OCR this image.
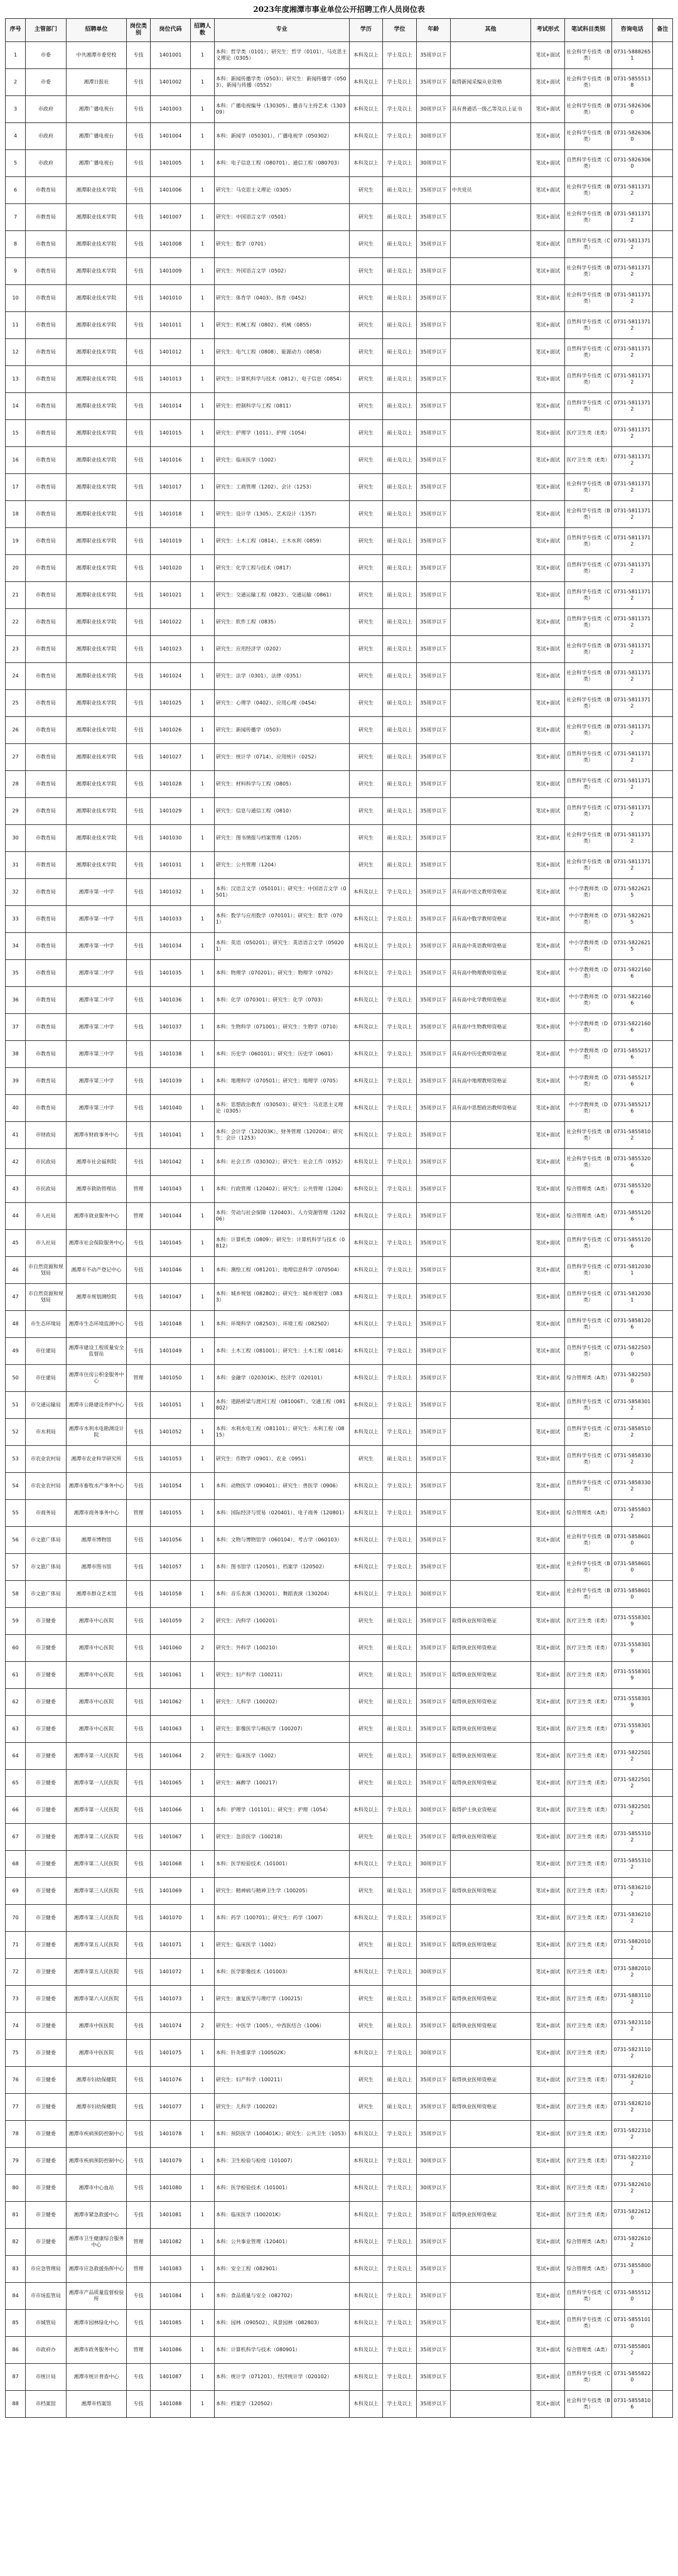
2023年度湘潭市事业单位公开招聘工作人员岗位表
序号	主管部门	招聘单位	岗位类别	岗位代码	招聘人数	专业	学历	学位	年龄	其他	考试形式	笔试科目类别	咨询电话	备注
1	市委	中共湘潭市委党校	专技	1401001	1	本科：哲学类（0101）；研究生：哲学（0101）、马克思主义理论（0305）	本科及以上	学士及以上	35周岁以下		笔试+面试	社会科学专技类（B类）	0731-58882651	
2	市委	湘潭日报社	专技	1401002	1	本科：新闻传播学类（0503）；研究生：新闻传播学（0503）、新闻与传播（0552）	本科及以上	学士及以上	35周岁以下	取得新闻采编从业资格	笔试+面试	社会科学专技类（B类）	0731-58555138	
3	市政府	湘潭广播电视台	专技	1401003	1	本科：广播电视编导（130305）、播音与主持艺术（130309）	本科及以上	学士及以上	30周岁以下	具有普通话一级乙等及以上证书	笔试+面试	社会科学专技类（B类）	0731-58263060	
4	市政府	湘潭广播电视台	专技	1401004	1	本科：新闻学（050301）、广播电视学（050302）	本科及以上	学士及以上	30周岁以下		笔试+面试	社会科学专技类（B类）	0731-58263060	
5	市政府	湘潭广播电视台	专技	1401005	1	本科：电子信息工程（080701）、通信工程（080703）	本科及以上	学士及以上	30周岁以下		笔试+面试	自然科学专技类（C类）	0731-58263060	
6	市教育局	湘潭职业技术学院	专技	1401006	1	研究生：马克思主义理论（0305）	研究生	硕士及以上	35周岁以下	中共党员	笔试+面试	社会科学专技类（B类）	0731-58113712	
7	市教育局	湘潭职业技术学院	专技	1401007	1	研究生：中国语言文学（0501）	研究生	硕士及以上	35周岁以下		笔试+面试	社会科学专技类（B类）	0731-58113712	
8	市教育局	湘潭职业技术学院	专技	1401008	1	研究生：数学（0701）	研究生	硕士及以上	35周岁以下		笔试+面试	自然科学专技类（C类）	0731-58113712	
9	市教育局	湘潭职业技术学院	专技	1401009	1	研究生：外国语言文学（0502）	研究生	硕士及以上	35周岁以下		笔试+面试	社会科学专技类（B类）	0731-58113712	
10	市教育局	湘潭职业技术学院	专技	1401010	1	研究生：体育学（0403）、体育（0452）	研究生	硕士及以上	35周岁以下		笔试+面试	社会科学专技类（B类）	0731-58113712	
11	市教育局	湘潭职业技术学院	专技	1401011	1	研究生：机械工程（0802）、机械（0855）	研究生	硕士及以上	35周岁以下		笔试+面试	自然科学专技类（C类）	0731-58113712	
12	市教育局	湘潭职业技术学院	专技	1401012	1	研究生：电气工程（0808）、能源动力（0858）	研究生	硕士及以上	35周岁以下		笔试+面试	自然科学专技类（C类）	0731-58113712	
13	市教育局	湘潭职业技术学院	专技	1401013	1	研究生：计算机科学与技术（0812）、电子信息（0854）	研究生	硕士及以上	35周岁以下		笔试+面试	自然科学专技类（C类）	0731-58113712	
14	市教育局	湘潭职业技术学院	专技	1401014	1	研究生：控制科学与工程（0811）	研究生	硕士及以上	35周岁以下		笔试+面试	自然科学专技类（C类）	0731-58113712	
15	市教育局	湘潭职业技术学院	专技	1401015	1	研究生：护理学（1011）、护理（1054）	研究生	硕士及以上	35周岁以下		笔试+面试	医疗卫生类（E类）	0731-58113712	
16	市教育局	湘潭职业技术学院	专技	1401016	1	研究生：临床医学（1002）	研究生	硕士及以上	35周岁以下		笔试+面试	医疗卫生类（E类）	0731-58113712	
17	市教育局	湘潭职业技术学院	专技	1401017	1	研究生：工商管理（1202）、会计（1253）	研究生	硕士及以上	35周岁以下		笔试+面试	社会科学专技类（B类）	0731-58113712	
18	市教育局	湘潭职业技术学院	专技	1401018	1	研究生：设计学（1305）、艺术设计（1357）	研究生	硕士及以上	35周岁以下		笔试+面试	社会科学专技类（B类）	0731-58113712	
19	市教育局	湘潭职业技术学院	专技	1401019	1	研究生：土木工程（0814）、土木水利（0859）	研究生	硕士及以上	35周岁以下		笔试+面试	自然科学专技类（C类）	0731-58113712	
20	市教育局	湘潭职业技术学院	专技	1401020	1	研究生：化学工程与技术（0817）	研究生	硕士及以上	35周岁以下		笔试+面试	自然科学专技类（C类）	0731-58113712	
21	市教育局	湘潭职业技术学院	专技	1401021	1	研究生：交通运输工程（0823）、交通运输（0861）	研究生	硕士及以上	35周岁以下		笔试+面试	自然科学专技类（C类）	0731-58113712	
22	市教育局	湘潭职业技术学院	专技	1401022	1	研究生：软件工程（0835）	研究生	硕士及以上	35周岁以下		笔试+面试	自然科学专技类（C类）	0731-58113712	
23	市教育局	湘潭职业技术学院	专技	1401023	1	研究生：应用经济学（0202）	研究生	硕士及以上	35周岁以下		笔试+面试	社会科学专技类（B类）	0731-58113712	
24	市教育局	湘潭职业技术学院	专技	1401024	1	研究生：法学（0301）、法律（0351）	研究生	硕士及以上	35周岁以下		笔试+面试	社会科学专技类（B类）	0731-58113712	
25	市教育局	湘潭职业技术学院	专技	1401025	1	研究生：心理学（0402）、应用心理（0454）	研究生	硕士及以上	35周岁以下		笔试+面试	社会科学专技类（B类）	0731-58113712	
26	市教育局	湘潭职业技术学院	专技	1401026	1	研究生：新闻传播学（0503）	研究生	硕士及以上	35周岁以下		笔试+面试	社会科学专技类（B类）	0731-58113712	
27	市教育局	湘潭职业技术学院	专技	1401027	1	研究生：统计学（0714）、应用统计（0252）	研究生	硕士及以上	35周岁以下		笔试+面试	自然科学专技类（C类）	0731-58113712	
28	市教育局	湘潭职业技术学院	专技	1401028	1	研究生：材料科学与工程（0805）	研究生	硕士及以上	35周岁以下		笔试+面试	自然科学专技类（C类）	0731-58113712	
29	市教育局	湘潭职业技术学院	专技	1401029	1	研究生：信息与通信工程（0810）	研究生	硕士及以上	35周岁以下		笔试+面试	自然科学专技类（C类）	0731-58113712	
30	市教育局	湘潭职业技术学院	专技	1401030	1	研究生：图书情报与档案管理（1205）	研究生	硕士及以上	35周岁以下		笔试+面试	社会科学专技类（B类）	0731-58113712	
31	市教育局	湘潭职业技术学院	专技	1401031	1	研究生：公共管理（1204）	研究生	硕士及以上	35周岁以下		笔试+面试	社会科学专技类（B类）	0731-58113712	
32	市教育局	湘潭市第一中学	专技	1401032	1	本科：汉语言文学（050101）；研究生：中国语言文学（0501）	本科及以上	学士及以上	35周岁以下	具有高中语文教师资格证	笔试+面试	中小学教师类（D类）	0731-58226215	
33	市教育局	湘潭市第一中学	专技	1401033	1	本科：数学与应用数学（070101）；研究生：数学（0701）	本科及以上	学士及以上	35周岁以下	具有高中数学教师资格证	笔试+面试	中小学教师类（D类）	0731-58226215	
34	市教育局	湘潭市第一中学	专技	1401034	1	本科：英语（050201）；研究生：英语语言文学（050201）	本科及以上	学士及以上	35周岁以下	具有高中英语教师资格证	笔试+面试	中小学教师类（D类）	0731-58226215	
35	市教育局	湘潭市第二中学	专技	1401035	1	本科：物理学（070201）；研究生：物理学（0702）	本科及以上	学士及以上	35周岁以下	具有高中物理教师资格证	笔试+面试	中小学教师类（D类）	0731-58221606	
36	市教育局	湘潭市第二中学	专技	1401036	1	本科：化学（070301）；研究生：化学（0703）	本科及以上	学士及以上	35周岁以下	具有高中化学教师资格证	笔试+面试	中小学教师类（D类）	0731-58221606	
37	市教育局	湘潭市第二中学	专技	1401037	1	本科：生物科学（071001）；研究生：生物学（0710）	本科及以上	学士及以上	35周岁以下	具有高中生物教师资格证	笔试+面试	中小学教师类（D类）	0731-58221606	
38	市教育局	湘潭市第三中学	专技	1401038	1	本科：历史学（060101）；研究生：历史学（0601）	本科及以上	学士及以上	35周岁以下	具有高中历史教师资格证	笔试+面试	中小学教师类（D类）	0731-58552176	
39	市教育局	湘潭市第三中学	专技	1401039	1	本科：地理科学（070501）；研究生：地理学（0705）	本科及以上	学士及以上	35周岁以下	具有高中地理教师资格证	笔试+面试	中小学教师类（D类）	0731-58552176	
40	市教育局	湘潭市第三中学	专技	1401040	1	本科：思想政治教育（030503）；研究生：马克思主义理论（0305）	本科及以上	学士及以上	35周岁以下	具有高中思想政治教师资格证	笔试+面试	中小学教师类（D类）	0731-58552176	
41	市财政局	湘潭市财政事务中心	专技	1401041	1	本科：会计学（120203K）、财务管理（120204）；研究生：会计（1253）	本科及以上	学士及以上	35周岁以下		笔试+面试	社会科学专技类（B类）	0731-58558102	
42	市民政局	湘潭市社会福利院	专技	1401042	1	本科：社会工作（030302）；研究生：社会工作（0352）	本科及以上	学士及以上	35周岁以下		笔试+面试	社会科学专技类（B类）	0731-58553206	
43	市民政局	湘潭市救助管理站	管理	1401043	1	本科：行政管理（120402）；研究生：公共管理（1204）	本科及以上	学士及以上	35周岁以下		笔试+面试	综合管理类（A类）	0731-58553206	
44	市人社局	湘潭市就业服务中心	管理	1401044	1	本科：劳动与社会保障（120403）、人力资源管理（120206）	本科及以上	学士及以上	35周岁以下		笔试+面试	综合管理类（A类）	0731-58551206	
45	市人社局	湘潭市社会保险服务中心	专技	1401045	1	本科：计算机类（0809）；研究生：计算机科学与技术（0812）	本科及以上	学士及以上	35周岁以下		笔试+面试	自然科学专技类（C类）	0731-58551206	
46	市自然资源和规划局	湘潭市不动产登记中心	专技	1401046	1	本科：测绘工程（081201）、地理信息科学（070504）	本科及以上	学士及以上	35周岁以下		笔试+面试	自然科学专技类（C类）	0731-58120301	
47	市自然资源和规划局	湘潭市规划测绘院	专技	1401047	1	本科：城乡规划（082802）；研究生：城乡规划学（0833）	本科及以上	学士及以上	35周岁以下		笔试+面试	自然科学专技类（C类）	0731-58120301	
48	市生态环境局	湘潭市生态环境监测中心	专技	1401048	1	本科：环境科学（082503）、环境工程（082502）	本科及以上	学士及以上	35周岁以下		笔试+面试	自然科学专技类（C类）	0731-58581206	
49	市住建局	湘潭市建设工程质量安全监督站	专技	1401049	1	本科：土木工程（081001）；研究生：土木工程（0814）	本科及以上	学士及以上	35周岁以下		笔试+面试	自然科学专技类（C类）	0731-58225030	
50	市住建局	湘潭市住房公积金服务中心	管理	1401050	1	本科：金融学（020301K）、经济学（020101）	本科及以上	学士及以上	35周岁以下		笔试+面试	综合管理类（A类）	0731-58225030	
51	市交通运输局	湘潭市公路建设养护中心	专技	1401051	1	本科：道路桥梁与渡河工程（081006T）、交通工程（081802）	本科及以上	学士及以上	35周岁以下		笔试+面试	自然科学专技类（C类）	0731-58583012	
52	市水利局	湘潭市水利水电勘测设计院	专技	1401052	1	本科：水利水电工程（081101）；研究生：水利工程（0815）	本科及以上	学士及以上	35周岁以下		笔试+面试	自然科学专技类（C类）	0731-58585102	
53	市农业农村局	湘潭市农业科学研究所	专技	1401053	1	研究生：作物学（0901）、农业（0951）	研究生	硕士及以上	35周岁以下		笔试+面试	自然科学专技类（C类）	0731-58583302	
54	市农业农村局	湘潭市畜牧水产事务中心	专技	1401054	1	本科：动物医学（090401）；研究生：兽医学（0906）	本科及以上	学士及以上	35周岁以下		笔试+面试	自然科学专技类（C类）	0731-58583302	
55	市商务局	湘潭市商务事务中心	管理	1401055	1	本科：国际经济与贸易（020401）、电子商务（120801）	本科及以上	学士及以上	35周岁以下		笔试+面试	综合管理类（A类）	0731-58558032	
56	市文旅广体局	湘潭市博物馆	专技	1401056	1	本科：文物与博物馆学（060104）、考古学（060103）	本科及以上	学士及以上	35周岁以下		笔试+面试	社会科学专技类（B类）	0731-58586010	
57	市文旅广体局	湘潭市图书馆	专技	1401057	1	本科：图书馆学（120501）、档案学（120502）	本科及以上	学士及以上	35周岁以下		笔试+面试	社会科学专技类（B类）	0731-58586010	
58	市文旅广体局	湘潭市群众艺术馆	专技	1401058	1	本科：音乐表演（130201）、舞蹈表演（130204）	本科及以上	学士及以上	30周岁以下		笔试+面试	社会科学专技类（B类）	0731-58586010	
59	市卫健委	湘潭市中心医院	专技	1401059	2	研究生：内科学（100201）	研究生	硕士及以上	35周岁以下	取得执业医师资格证	笔试+面试	医疗卫生类（E类）	0731-55583019	
60	市卫健委	湘潭市中心医院	专技	1401060	2	研究生：外科学（100210）	研究生	硕士及以上	35周岁以下	取得执业医师资格证	笔试+面试	医疗卫生类（E类）	0731-55583019	
61	市卫健委	湘潭市中心医院	专技	1401061	1	研究生：妇产科学（100211）	研究生	硕士及以上	35周岁以下	取得执业医师资格证	笔试+面试	医疗卫生类（E类）	0731-55583019	
62	市卫健委	湘潭市中心医院	专技	1401062	1	研究生：儿科学（100202）	研究生	硕士及以上	35周岁以下	取得执业医师资格证	笔试+面试	医疗卫生类（E类）	0731-55583019	
63	市卫健委	湘潭市中心医院	专技	1401063	1	研究生：影像医学与核医学（100207）	研究生	硕士及以上	35周岁以下	取得执业医师资格证	笔试+面试	医疗卫生类（E类）	0731-55583019	
64	市卫健委	湘潭市第一人民医院	专技	1401064	2	研究生：临床医学（1002）	研究生	硕士及以上	35周岁以下	取得执业医师资格证	笔试+面试	医疗卫生类（E类）	0731-58225012	
65	市卫健委	湘潭市第一人民医院	专技	1401065	1	研究生：麻醉学（100217）	研究生	硕士及以上	35周岁以下	取得执业医师资格证	笔试+面试	医疗卫生类（E类）	0731-58225012	
66	市卫健委	湘潭市第一人民医院	专技	1401066	1	本科：护理学（101101）；研究生：护理（1054）	本科及以上	学士及以上	30周岁以下	取得护士执业资格证	笔试+面试	医疗卫生类（E类）	0731-58225012	
67	市卫健委	湘潭市第二人民医院	专技	1401067	1	研究生：急诊医学（100218）	研究生	硕士及以上	35周岁以下	取得执业医师资格证	笔试+面试	医疗卫生类（E类）	0731-58553102	
68	市卫健委	湘潭市第二人民医院	专技	1401068	1	本科：医学检验技术（101001）	本科及以上	学士及以上	30周岁以下		笔试+面试	医疗卫生类（E类）	0731-58553102	
69	市卫健委	湘潭市第三人民医院	专技	1401069	1	研究生：精神病与精神卫生学（100205）	研究生	硕士及以上	35周岁以下	取得执业医师资格证	笔试+面试	医疗卫生类（E类）	0731-58362102	
70	市卫健委	湘潭市第三人民医院	专技	1401070	1	本科：药学（100701）；研究生：药学（1007）	本科及以上	学士及以上	35周岁以下		笔试+面试	医疗卫生类（E类）	0731-58362102	
71	市卫健委	湘潭市第五人民医院	专技	1401071	1	研究生：临床医学（1002）	研究生	硕士及以上	35周岁以下	取得执业医师资格证	笔试+面试	医疗卫生类（E类）	0731-58820102	
72	市卫健委	湘潭市第五人民医院	专技	1401072	1	本科：医学影像技术（101003）	本科及以上	学士及以上	30周岁以下		笔试+面试	医疗卫生类（E类）	0731-58820102	
73	市卫健委	湘潭市第六人民医院	专技	1401073	1	研究生：康复医学与理疗学（100215）	研究生	硕士及以上	35周岁以下	取得执业医师资格证	笔试+面试	医疗卫生类（E类）	0731-58831102	
74	市卫健委	湘潭市中医医院	专技	1401074	2	研究生：中医学（1005）、中西医结合（1006）	研究生	硕士及以上	35周岁以下	取得执业医师资格证	笔试+面试	医疗卫生类（E类）	0731-58231102	
75	市卫健委	湘潭市中医医院	专技	1401075	1	本科：针灸推拿学（100502K）	本科及以上	学士及以上	30周岁以下		笔试+面试	医疗卫生类（E类）	0731-58231102	
76	市卫健委	湘潭市妇幼保健院	专技	1401076	1	研究生：妇产科学（100211）	研究生	硕士及以上	35周岁以下	取得执业医师资格证	笔试+面试	医疗卫生类（E类）	0731-58282102	
77	市卫健委	湘潭市妇幼保健院	专技	1401077	1	研究生：儿科学（100202）	研究生	硕士及以上	35周岁以下	取得执业医师资格证	笔试+面试	医疗卫生类（E类）	0731-58282102	
78	市卫健委	湘潭市疾病预防控制中心	专技	1401078	1	本科：预防医学（100401K）；研究生：公共卫生（1053）	本科及以上	学士及以上	35周岁以下		笔试+面试	医疗卫生类（E类）	0731-58223102	
79	市卫健委	湘潭市疾病预防控制中心	专技	1401079	1	本科：卫生检验与检疫（101007）	本科及以上	学士及以上	30周岁以下		笔试+面试	医疗卫生类（E类）	0731-58223102	
80	市卫健委	湘潭市中心血站	专技	1401080	1	本科：医学检验技术（101001）	本科及以上	学士及以上	30周岁以下		笔试+面试	医疗卫生类（E类）	0731-58226102	
81	市卫健委	湘潭市紧急救援中心	专技	1401081	1	本科：临床医学（100201K）	本科及以上	学士及以上	35周岁以下	取得执业医师资格证	笔试+面试	医疗卫生类（E类）	0731-58226120	
82	市卫健委	湘潭市卫生健康综合服务中心	管理	1401082	1	本科：公共事业管理（120401）	本科及以上	学士及以上	35周岁以下		笔试+面试	综合管理类（A类）	0731-58226102	
83	市应急管理局	湘潭市应急救援指挥中心	管理	1401083	1	本科：安全工程（082901）	本科及以上	学士及以上	35周岁以下		笔试+面试	综合管理类（A类）	0731-58558003	
84	市市场监管局	湘潭市产品质量监督检验所	专技	1401084	1	本科：食品质量与安全（082702）	本科及以上	学士及以上	35周岁以下		笔试+面试	自然科学专技类（C类）	0731-58555120	
85	市城管局	湘潭市园林绿化中心	专技	1401085	1	本科：园林（090502）、风景园林（082803）	本科及以上	学士及以上	35周岁以下		笔试+面试	自然科学专技类（C类）	0731-58551010	
86	市政府办	湘潭市政务服务中心	管理	1401086	1	本科：计算机科学与技术（080901）	本科及以上	学士及以上	35周岁以下		笔试+面试	综合管理类（A类）	0731-58558012	
87	市统计局	湘潭市统计普查中心	专技	1401087	1	本科：统计学（071201）、经济统计学（020102）	本科及以上	学士及以上	35周岁以下		笔试+面试	自然科学专技类（C类）	0731-58558220	
88	市档案馆	湘潭市档案馆	专技	1401088	1	本科：档案学（120502）	本科及以上	学士及以上	35周岁以下		笔试+面试	社会科学专技类（B类）	0731-58558106	
